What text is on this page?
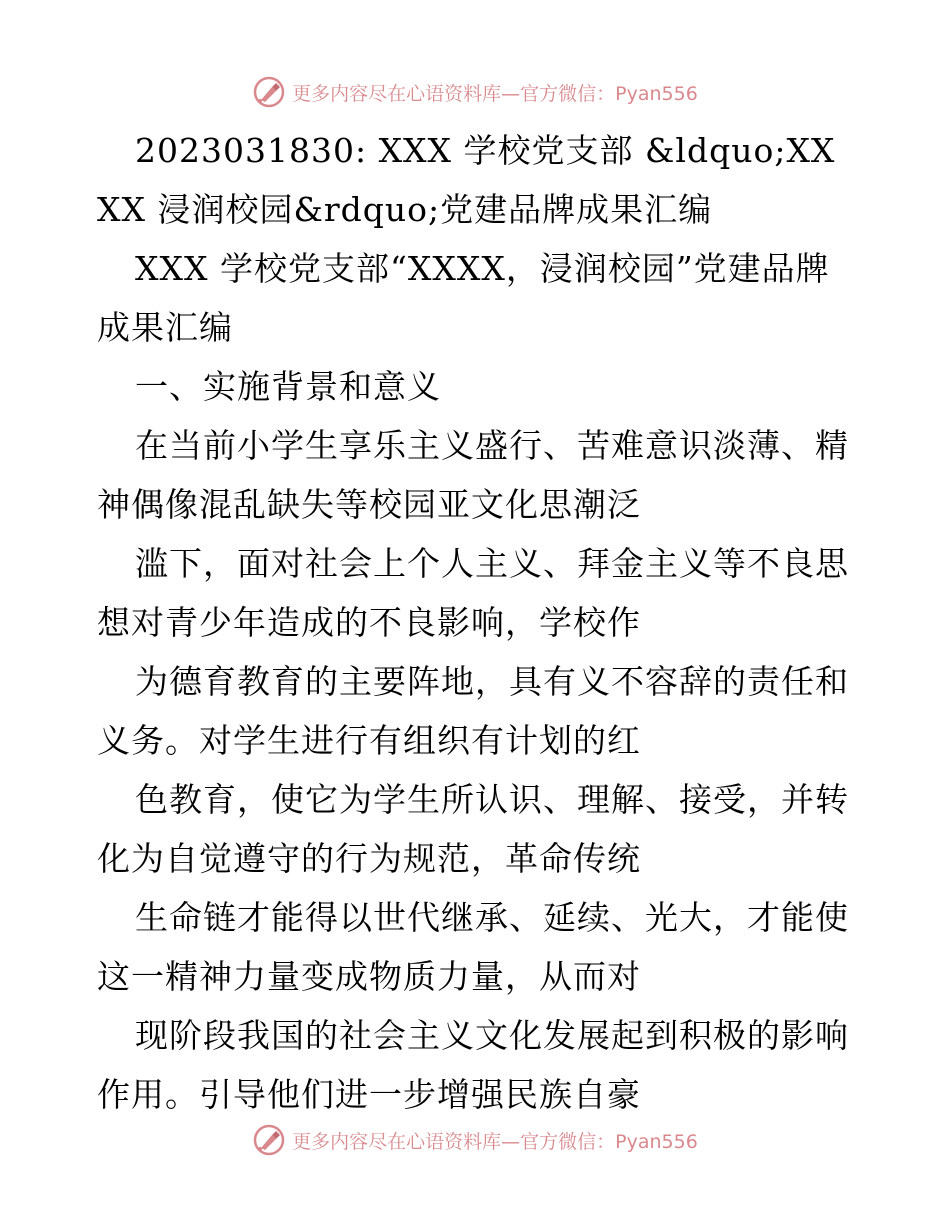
更多内容尽在心语资料库—官方微信：Pyan556

2023031830: XXX 学校党支部 &ldquo;XXXX 浸润校园&rdquo;党建品牌成果汇编

XXX 学校党支部“XXXX，浸润校园”党建品牌成果汇编

一、实施背景和意义

在当前小学生享乐主义盛行、苦难意识淡薄、精神偶像混乱缺失等校园亚文化思潮泛

滥下，面对社会上个人主义、拜金主义等不良思想对青少年造成的不良影响，学校作

为德育教育的主要阵地，具有义不容辞的责任和义务。对学生进行有组织有计划的红

色教育，使它为学生所认识、理解、接受，并转化为自觉遵守的行为规范，革命传统

生命链才能得以世代继承、延续、光大，才能使这一精神力量变成物质力量，从而对

现阶段我国的社会主义文化发展起到积极的影响作用。引导他们进一步增强民族自豪

更多内容尽在心语资料库—官方微信：Pyan556
